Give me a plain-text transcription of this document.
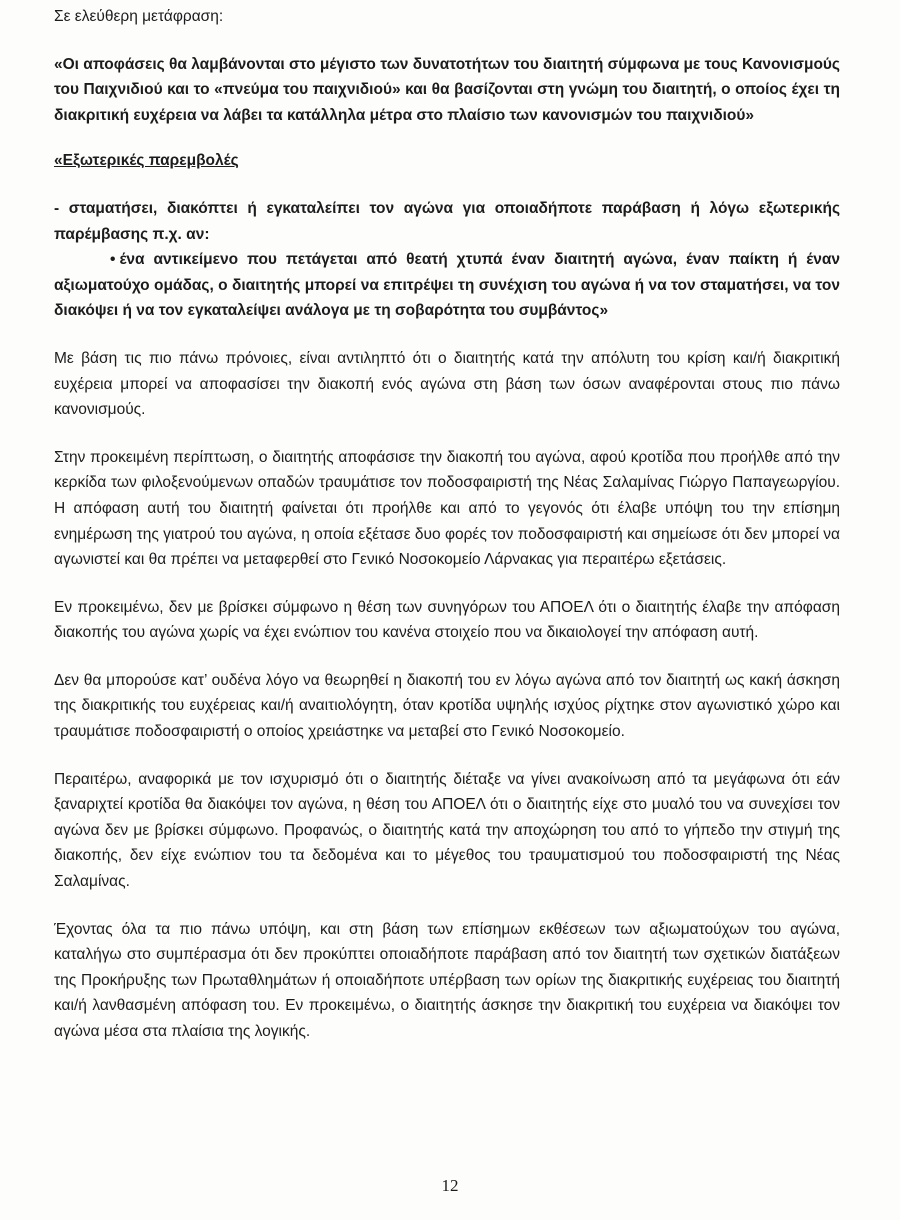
Σε ελεύθερη μετάφραση:

«Οι αποφάσεις θα λαμβάνονται στο μέγιστο των δυνατοτήτων του διαιτητή σύμφωνα με τους Κανονισμούς του Παιχνιδιού και το «πνεύμα του παιχνιδιού» και θα βασίζονται στη γνώμη του διαιτητή, ο οποίος έχει τη διακριτική ευχέρεια να λάβει τα κατάλληλα μέτρα στο πλαίσιο των κανονισμών του παιχνιδιού»

«Εξωτερικές παρεμβολές

- σταματήσει, διακόπτει ή εγκαταλείπει τον αγώνα για οποιαδήποτε παράβαση ή λόγω εξωτερικής παρέμβασης π.χ. αν:

• ένα αντικείμενο που πετάγεται από θεατή χτυπά έναν διαιτητή αγώνα, έναν παίκτη ή έναν αξιωματούχο ομάδας, ο διαιτητής μπορεί να επιτρέψει τη συνέχιση του αγώνα ή να τον σταματήσει, να τον διακόψει ή να τον εγκαταλείψει ανάλογα με τη σοβαρότητα του συμβάντος»

Με βάση τις πιο πάνω πρόνοιες, είναι αντιληπτό ότι ο διαιτητής κατά την απόλυτη του κρίση και/ή διακριτική ευχέρεια μπορεί να αποφασίσει την διακοπή ενός αγώνα στη βάση των όσων αναφέρονται στους πιο πάνω κανονισμούς.

Στην προκειμένη περίπτωση, ο διαιτητής αποφάσισε την διακοπή του αγώνα, αφού κροτίδα που προήλθε από την κερκίδα των φιλοξενούμενων οπαδών τραυμάτισε τον ποδοσφαιριστή της Νέας Σαλαμίνας Γιώργο Παπαγεωργίου. Η απόφαση αυτή του διαιτητή φαίνεται ότι προήλθε και από το γεγονός ότι έλαβε υπόψη του την επίσημη ενημέρωση της γιατρού του αγώνα, η οποία εξέτασε δυο φορές τον ποδοσφαιριστή και σημείωσε ότι δεν μπορεί να αγωνιστεί και θα πρέπει να μεταφερθεί στο Γενικό Νοσοκομείο Λάρνακας για περαιτέρω εξετάσεις.

Εν προκειμένω, δεν με βρίσκει σύμφωνο η θέση των συνηγόρων του ΑΠΟΕΛ ότι ο διαιτητής έλαβε την απόφαση διακοπής του αγώνα χωρίς να έχει ενώπιον του κανένα στοιχείο που να δικαιολογεί την απόφαση αυτή.

Δεν θα μπορούσε κατ’ ουδένα λόγο να θεωρηθεί η διακοπή του εν λόγω αγώνα από τον διαιτητή ως κακή άσκηση της διακριτικής του ευχέρειας και/ή αναιτιολόγητη, όταν κροτίδα υψηλής ισχύος ρίχτηκε στον αγωνιστικό χώρο και τραυμάτισε ποδοσφαιριστή ο οποίος χρειάστηκε να μεταβεί στο Γενικό Νοσοκομείο.

Περαιτέρω, αναφορικά με τον ισχυρισμό ότι ο διαιτητής διέταξε να γίνει ανακοίνωση από τα μεγάφωνα ότι εάν ξαναριχτεί κροτίδα θα διακόψει τον αγώνα, η θέση του ΑΠΟΕΛ ότι ο διαιτητής είχε στο μυαλό του να συνεχίσει τον αγώνα δεν με βρίσκει σύμφωνο. Προφανώς, ο διαιτητής κατά την αποχώρηση του από το γήπεδο την στιγμή της διακοπής, δεν είχε ενώπιον του τα δεδομένα και το μέγεθος του τραυματισμού του ποδοσφαιριστή της Νέας Σαλαμίνας.

Έχοντας όλα τα πιο πάνω υπόψη, και στη βάση των επίσημων εκθέσεων των αξιωματούχων του αγώνα, καταλήγω στο συμπέρασμα ότι δεν προκύπτει οποιαδήποτε παράβαση από τον διαιτητή των σχετικών διατάξεων της Προκήρυξης των Πρωταθλημάτων ή οποιαδήποτε υπέρβαση των ορίων της διακριτικής ευχέρειας του διαιτητή και/ή λανθασμένη απόφαση του. Εν προκειμένω, ο διαιτητής άσκησε την διακριτική του ευχέρεια να διακόψει τον αγώνα μέσα στα πλαίσια της λογικής.

12
